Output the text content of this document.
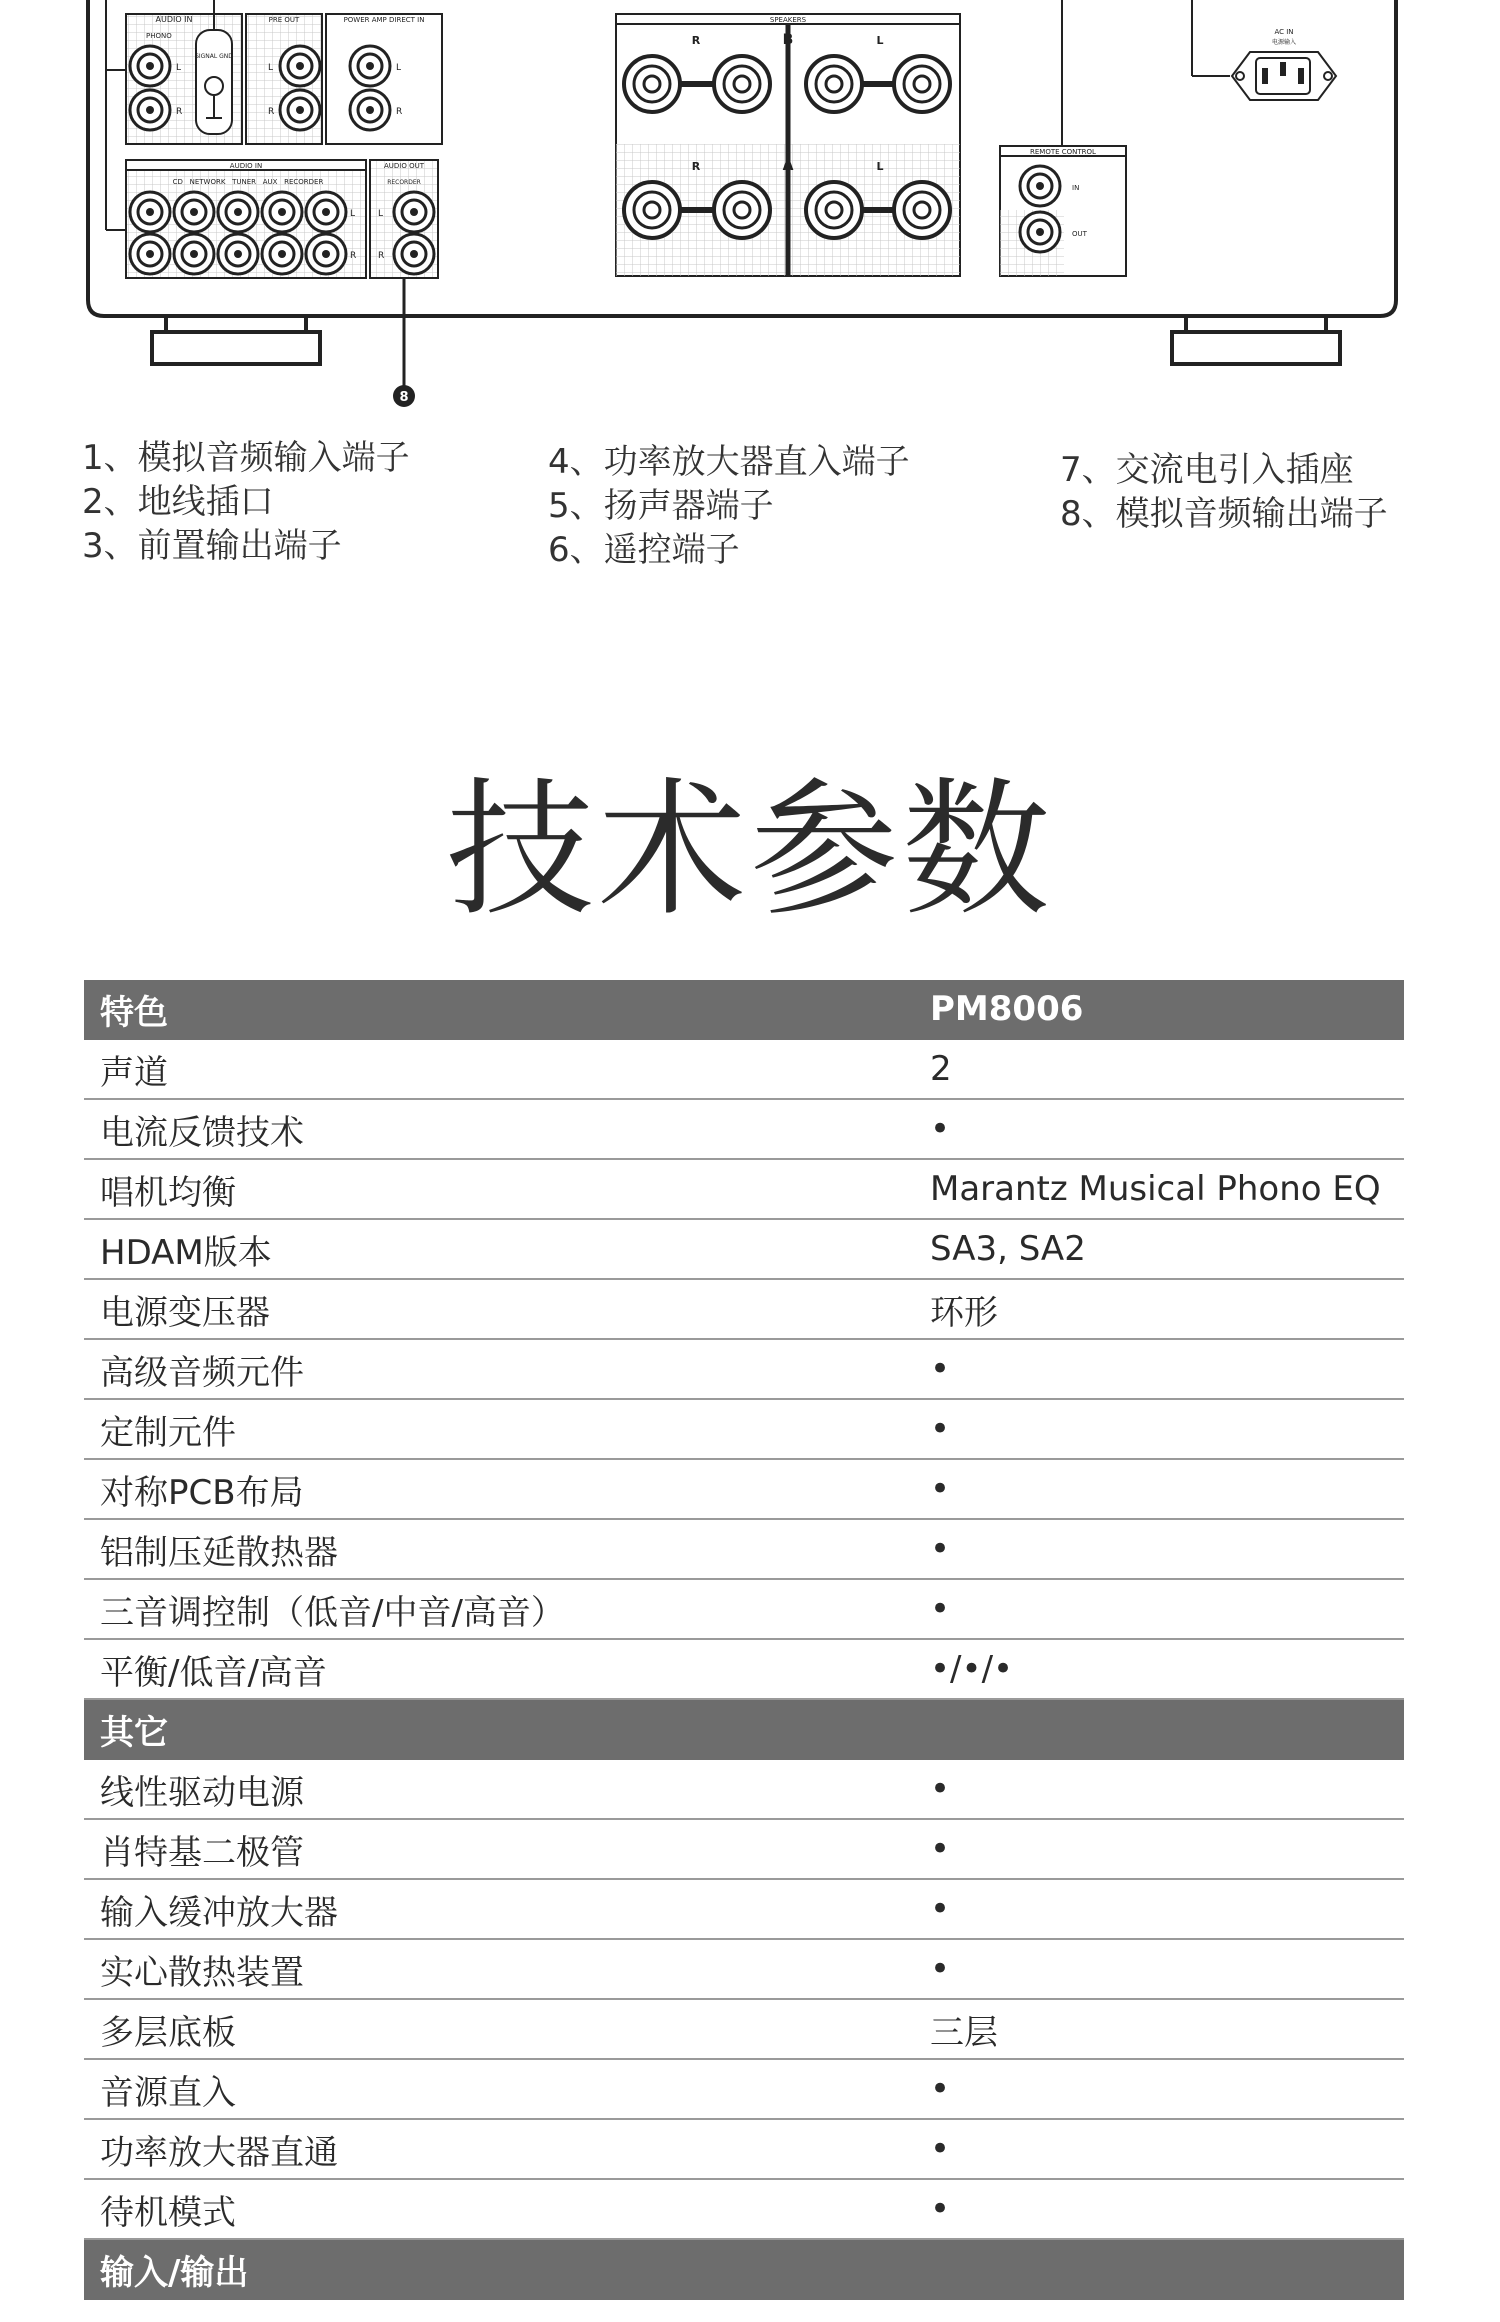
AUDIO IN
PHONO
L
R
SIGNAL GND
PRE OUT
L
R
POWER AMP DIRECT IN
L
R
AUDIO IN
CD   NETWORK   TUNER   AUX   RECORDER
L
R
AUDIO OUT
RECORDER
L
R
8
SPEAKERS
B
A
R	L
R	L
REMOTE CONTROL
IN
OUT
AC IN
电源输入
1、模拟音频输入端子
2、地线插口
3、前置输出端子
4、功率放大器直入端子
5、扬声器端子
6、遥控端子
7、交流电引入插座
8、模拟音频输出端子
技术参数
特色	PM8006
声道	2
电流反馈技术	•
唱机均衡	Marantz Musical Phono EQ
HDAM版本	SA3, SA2
电源变压器	环形
高级音频元件	•
定制元件	•
对称PCB布局	•
铝制压延散热器	•
三音调控制（低音/中音/高音）	•
平衡/低音/高音	•/•/•
其它	
线性驱动电源	•
肖特基二极管	•
输入缓冲放大器	•
实心散热装置	•
多层底板	三层
音源直入	•
功率放大器直通	•
待机模式	•
输入/输出	
